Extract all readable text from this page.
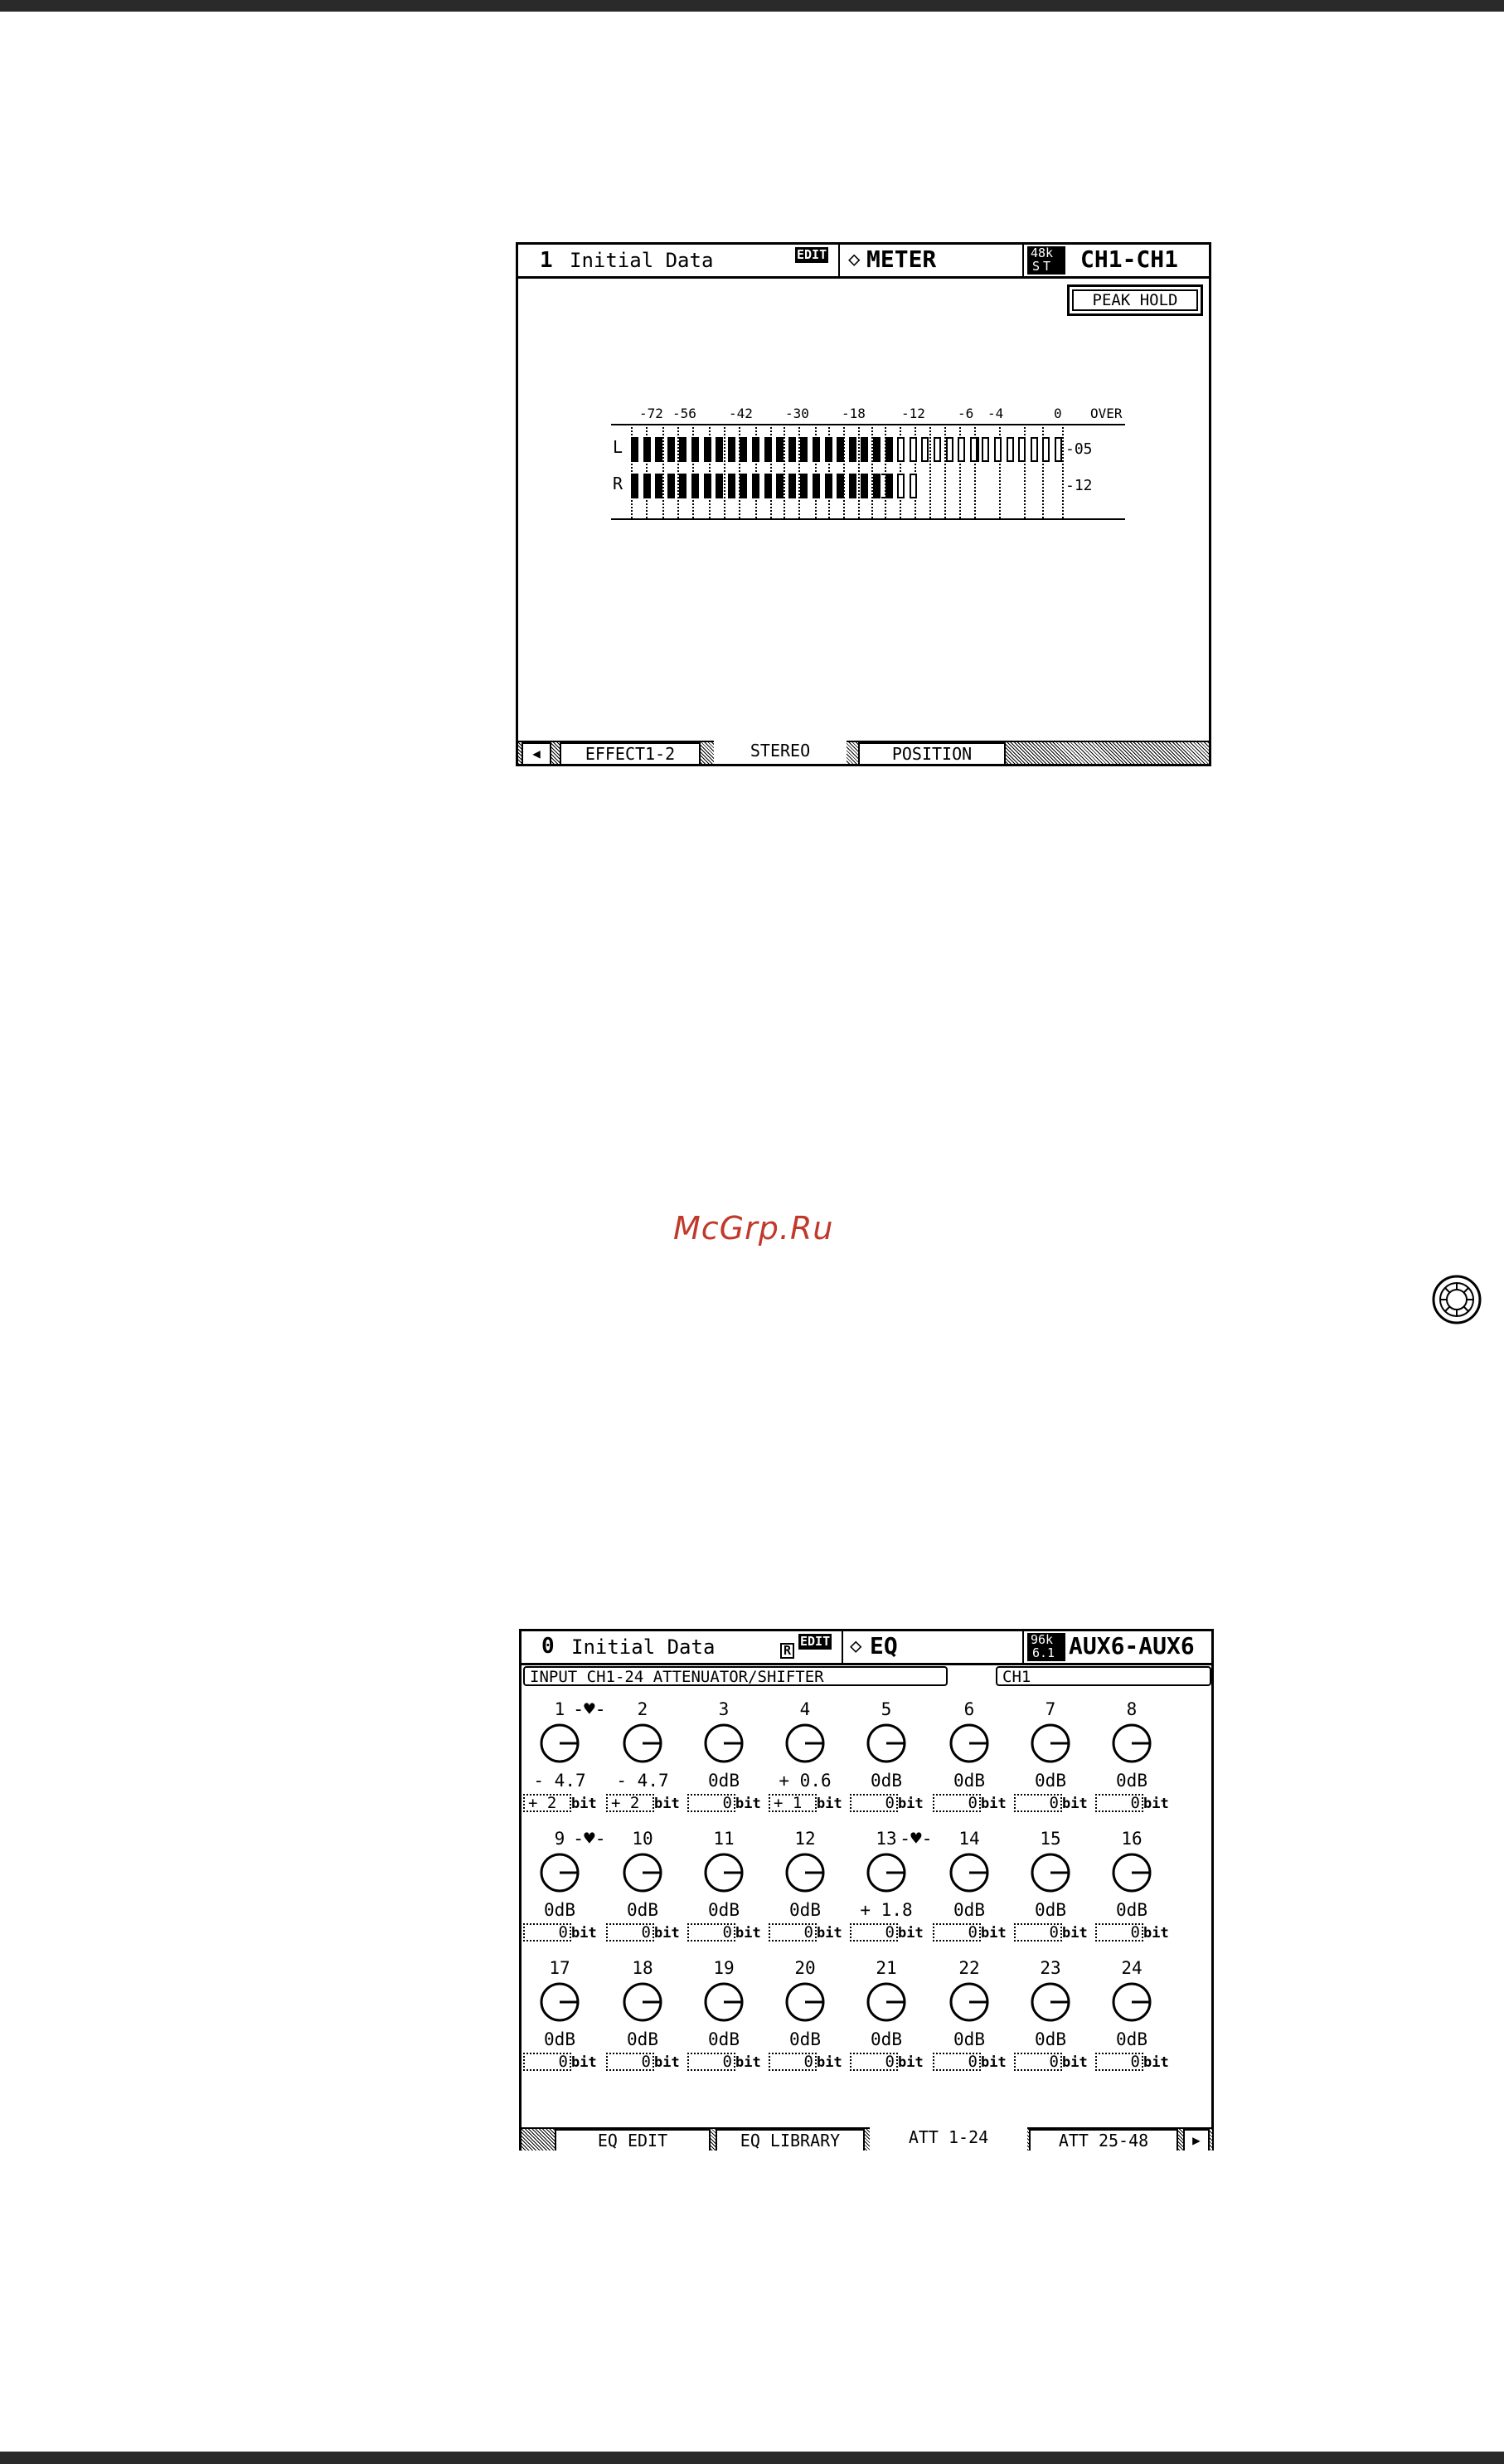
1 Initial Data	EDIT ◇ METER	48k
ST CH1-CH1
PEAK HOLD
-72 -56 -42 -30 -18	-12 -6 -4	0 OVER
L	-05
R	-12
◀	EFFECT1-2	STEREO	POSITION
McGrp.Ru
0 Initial Data	R
EDIT ◇ EQ	96k
6.1 AUX6-AUX6
INPUT CH1-24 ATTENUATOR/SHIFTER	CH1
1
- 4.7
+ 2	bit
-♥-	2
- 4.7
+ 2	bit
3
0dB
0 bit
4
+ 0.6
+ 1	bit
5
0dB
0 bit
6
0dB
0 bit
7
0dB
0 bit
8
0dB
0 bit
9
0dB
0 bit
-♥-	10
0dB
0 bit
11
0dB
0 bit
12
0dB
0 bit
13
+ 1.8
0 bit
-♥-	14
0dB
0 bit
15
0dB
0 bit
16
0dB
0 bit
17
0dB
0 bit
18
0dB
0 bit
19
0dB
0 bit
20
0dB
0 bit
21
0dB
0 bit
22
0dB
0 bit
23
0dB
0 bit
24
0dB
0 bit
EQ EDIT	EQ LIBRARY	ATT 1-24	ATT 25-48	▶
